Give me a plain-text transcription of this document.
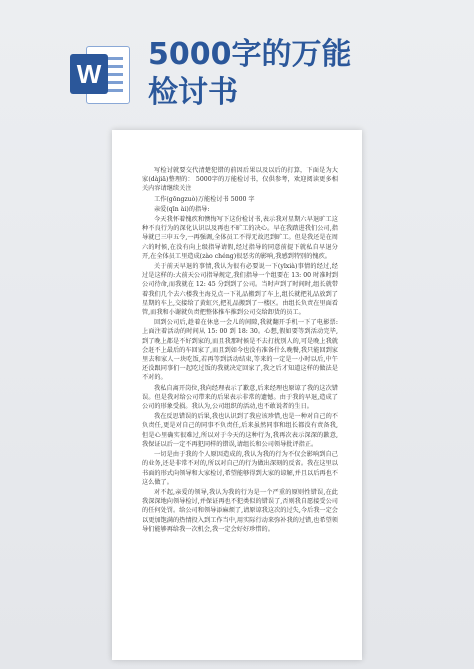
W
5000字的万能
检讨书

写检讨就要交代清楚犯错的前因后果以及以后的打算，下面是为大家(dàjiā)整理的： 5000字的万能检讨书，仅供参考，欢迎阅读更多相关内容请继续关注

工作(gōngzuò)万能检讨书 5000 字

亲爱(qīn ài)的指导:

今天我怀着愧疚和懊悔写下这份检讨书,表示我对星期六早退旷工这种不良行为的深化认识以及再也不旷工的决心。早在我踏进我们公司,指导就已三申五令,一再强调,全体员工不得无故迟到旷工。但是我还是在周六的时候,在没有向上级指导请假,经过指导的同意前提下就私自早退分开,在全体员工里造成(zào chéng)很恶劣的影响,我感到特别的愧疚。

关于前天早退的事情,我认为很有必要说一下(yīxià)事情的经过,经过是这样的:大前天公司指导规定,我们指导一个组要在 13: 00 时准时到公司待命,而我就在 12: 45 分到到了公司。当时声到了时间时,组长就带着我们几个去六楼我主海兑点一下礼品搬到了车上,组长就把礼品放到了星期的车上,交接给了黄虹兴,把礼品搬到了一楼区。由组长负责在里面看管,而我和小谢就负责把整体推车推到公司交给卸货的员工。

回到公司后,趁着在休息一会儿的间隙,我就翻开手机一下了电影票:上面注着活动的时间从 15: 00 到 18: 30。心想,假如要等到活动完毕,到了晚上都是不好到家的,而且我那时候是不去打扰别人的,可是晚上我就会赶不上最后的车回家了,而且到如今也没有准备什么晚餐,我只能回到家里去和家人一块吃饭,若再等到活动结束,等来的一定是一小时以后,中午还没跟同事们一起吃过饭的我就决定回家了,我之后才知道这样的做法是不对的。

我私自离开岗位,我向经理表示了歉意,后来经理也原谅了我的这次错误。但是我对给公司带来的后果表示非常的遗憾。由于我的早退,造成了公司的形象受损。我认为,公司组织的活动,也不敢说者的生日。

我在反思错误的后果,我也认识到了我应该珍惜,也是一种对自己的不负责任,更是对自己的同事不负责任,后来虽然同事和组长都没有责备我,但是心里确实很难过,所以对于今天的这种行为,我再次表示深深的歉意,我保证以后一定不再犯同样的错误,请组长和公司领导批评指正。

一切是由于我的个人原因造成的,我认为我的行为不仅会影响到自己的业务,还是非常不对的,所以对自己的行为做出深刻的反省。我在这里以书面的形式向领导和大家检讨,希望能够得到大家的谅解,并且以后再也不这么做了。

对不起,亲爱的领导,我认为我的行为是一个严重的原则性错误,在此我深深地向领导检讨,并保证再也不犯类似的错误了,否则我自愿接受公司的任何处罚。给公司和领导添麻烦了,请原谅我这次的过失,今后我一定会以更加饱满的热情投入到工作当中,用实际行动来弥补我的过错,也希望领导们能够再给我一次机会,我一定会好好珍惜的。
